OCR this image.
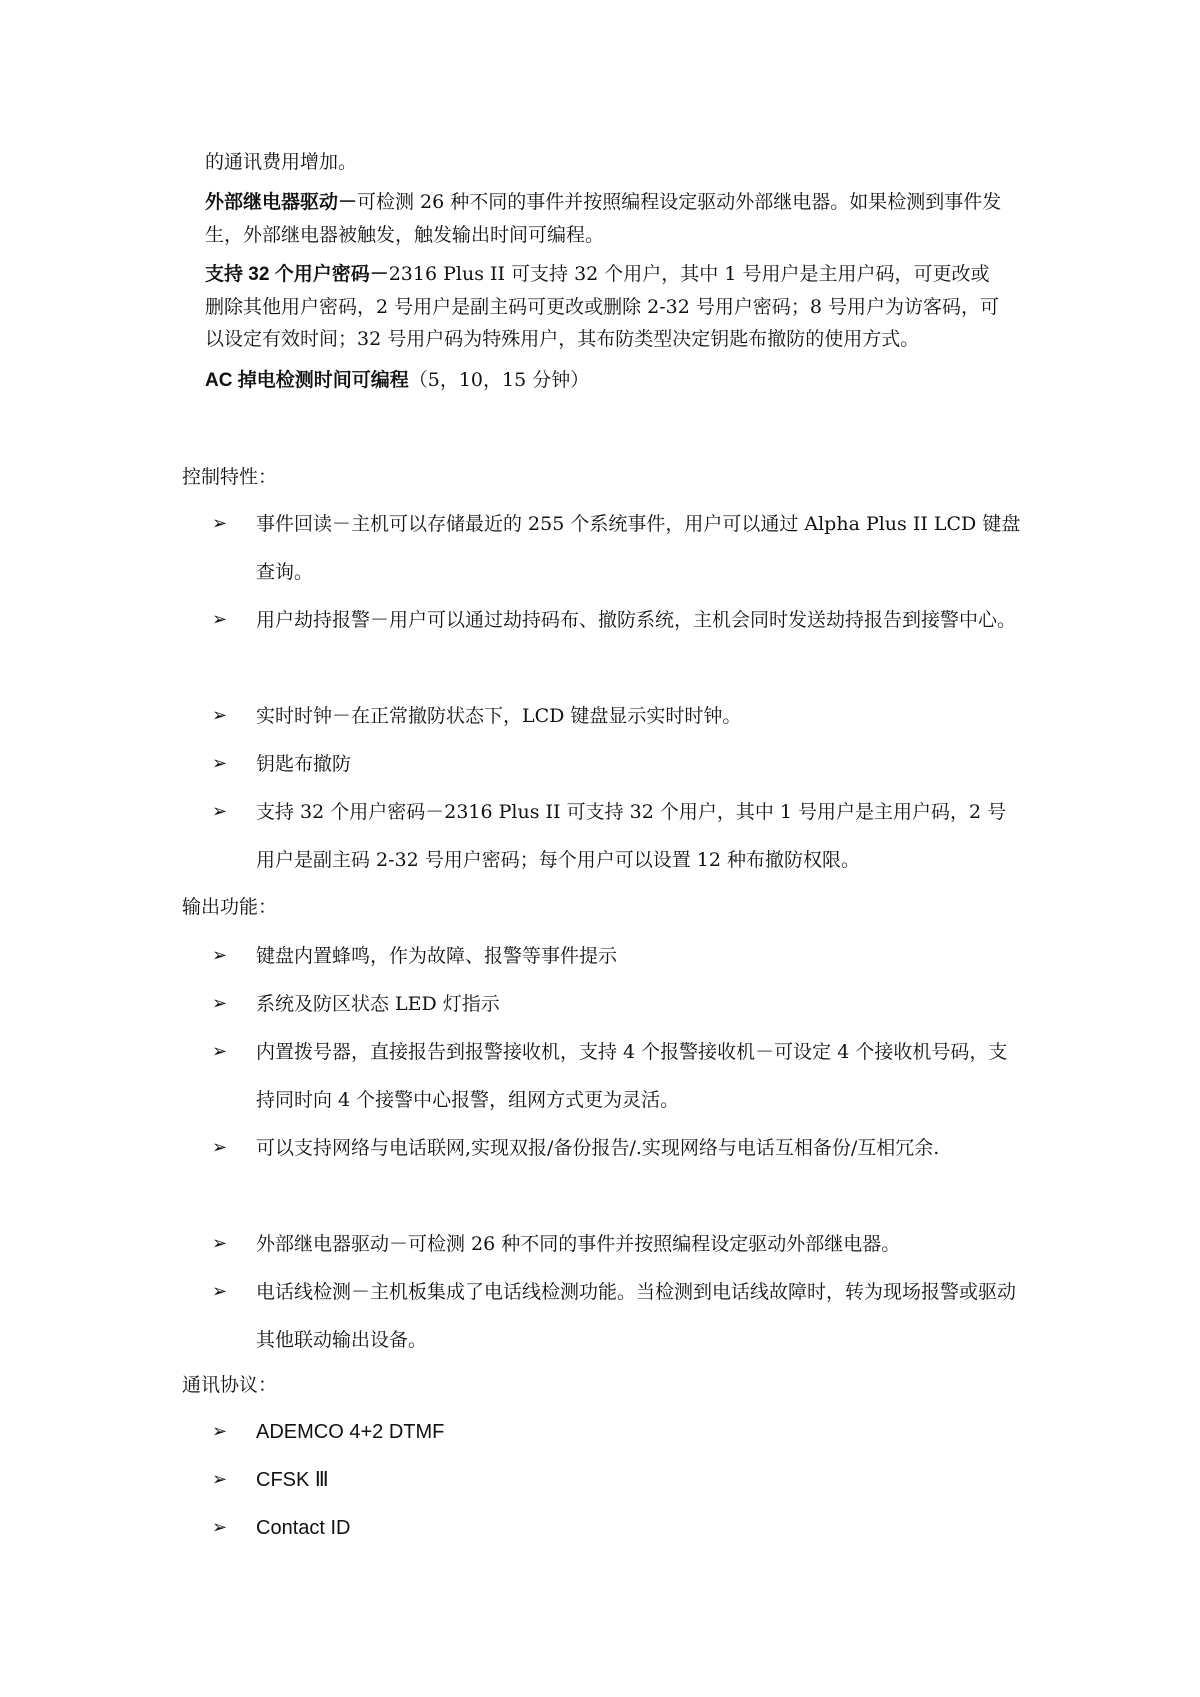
的通讯费用增加。

外部继电器驱动－可检测 26 种不同的事件并按照编程设定驱动外部继电器。如果检测到事件发生，外部继电器被触发，触发输出时间可编程。

支持 32 个用户密码－2316 Plus II 可支持 32 个用户，其中 1 号用户是主用户码，可更改或删除其他用户密码，2 号用户是副主码可更改或删除 2-32 号用户密码；8 号用户为访客码，可以设定有效时间；32 号用户码为特殊用户，其布防类型决定钥匙布撤防的使用方式。

AC 掉电检测时间可编程（5，10，15 分钟）

控制特性：

➢	事件回读－主机可以存储最近的 255 个系统事件，用户可以通过 Alpha Plus II LCD 键盘查询。
➢	用户劫持报警－用户可以通过劫持码布、撤防系统，主机会同时发送劫持报告到接警中心。
➢	实时时钟－在正常撤防状态下，LCD 键盘显示实时时钟。
➢	钥匙布撤防
➢	支持 32 个用户密码－2316 Plus II 可支持 32 个用户，其中 1 号用户是主用户码，2 号用户是副主码 2-32 号用户密码；每个用户可以设置 12 种布撤防权限。

输出功能：

➢	键盘内置蜂鸣，作为故障、报警等事件提示
➢	系统及防区状态 LED 灯指示
➢	内置拨号器，直接报告到报警接收机，支持 4 个报警接收机－可设定 4 个接收机号码，支持同时向 4 个接警中心报警，组网方式更为灵活。
➢	可以支持网络与电话联网,实现双报/备份报告/.实现网络与电话互相备份/互相冗余.
➢	外部继电器驱动－可检测 26 种不同的事件并按照编程设定驱动外部继电器。
➢	电话线检测－主机板集成了电话线检测功能。当检测到电话线故障时，转为现场报警或驱动其他联动输出设备。

通讯协议：

➢	ADEMCO 4+2 DTMF
➢	CFSK Ⅲ
➢	Contact ID
